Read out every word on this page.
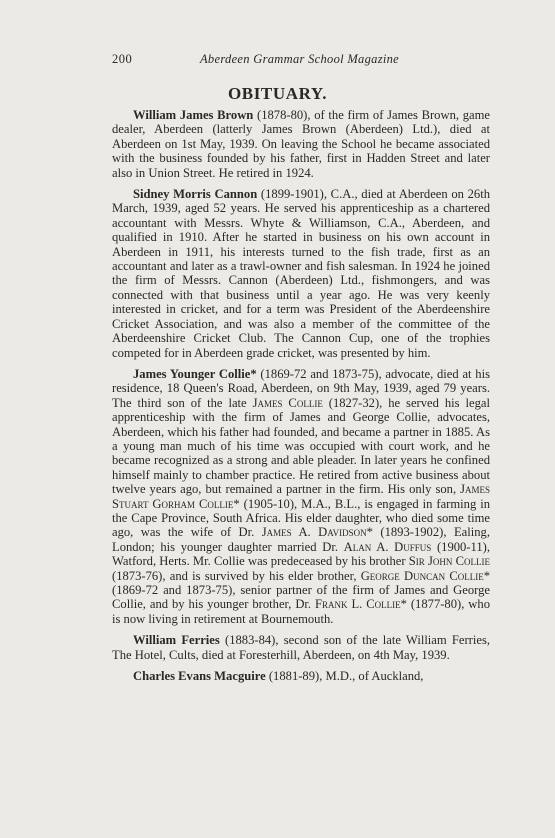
200	Aberdeen Grammar School Magazine
OBITUARY.

William James Brown (1878-80), of the firm of James Brown, game dealer, Aberdeen (latterly James Brown (Aberdeen) Ltd.), died at Aberdeen on 1st May, 1939. On leaving the School he became associated with the business founded by his father, first in Hadden Street and later also in Union Street. He retired in 1924.

Sidney Morris Cannon (1899-1901), C.A., died at Aberdeen on 26th March, 1939, aged 52 years. He served his apprenticeship as a chartered accountant with Messrs. Whyte & Williamson, C.A., Aberdeen, and qualified in 1910. After he started in business on his own account in Aberdeen in 1911, his interests turned to the fish trade, first as an accountant and later as a trawl-owner and fish salesman. In 1924 he joined the firm of Messrs. Cannon (Aberdeen) Ltd., fishmongers, and was connected with that business until a year ago. He was very keenly interested in cricket, and for a term was President of the Aberdeenshire Cricket Association, and was also a member of the committee of the Aberdeenshire Cricket Club. The Cannon Cup, one of the trophies competed for in Aberdeen grade cricket, was presented by him.

James Younger Collie* (1869-72 and 1873-75), advocate, died at his residence, 18 Queen's Road, Aberdeen, on 9th May, 1939, aged 79 years. The third son of the late James Collie (1827-32), he served his legal apprenticeship with the firm of James and George Collie, advocates, Aberdeen, which his father had founded, and became a partner in 1885. As a young man much of his time was occupied with court work, and he became recognized as a strong and able pleader. In later years he confined himself mainly to chamber practice. He retired from active business about twelve years ago, but remained a partner in the firm. His only son, James Stuart Gorham Collie* (1905-10), M.A., B.L., is engaged in farming in the Cape Province, South Africa. His elder daughter, who died some time ago, was the wife of Dr. James A. Davidson* (1893-1902), Ealing, London; his younger daughter married Dr. Alan A. Duffus (1900-11), Watford, Herts. Mr. Collie was predeceased by his brother Sir John Collie (1873-76), and is survived by his elder brother, George Duncan Collie*(1869-72 and 1873-75), senior partner of the firm of James and George Collie, and by his younger brother, Dr. Frank L. Collie* (1877-80), who is now living in retirement at Bournemouth.

William Ferries (1883-84), second son of the late William Ferries, The Hotel, Cults, died at Foresterhill, Aberdeen, on 4th May, 1939.

Charles Evans Macguire (1881-89), M.D., of Auckland,
